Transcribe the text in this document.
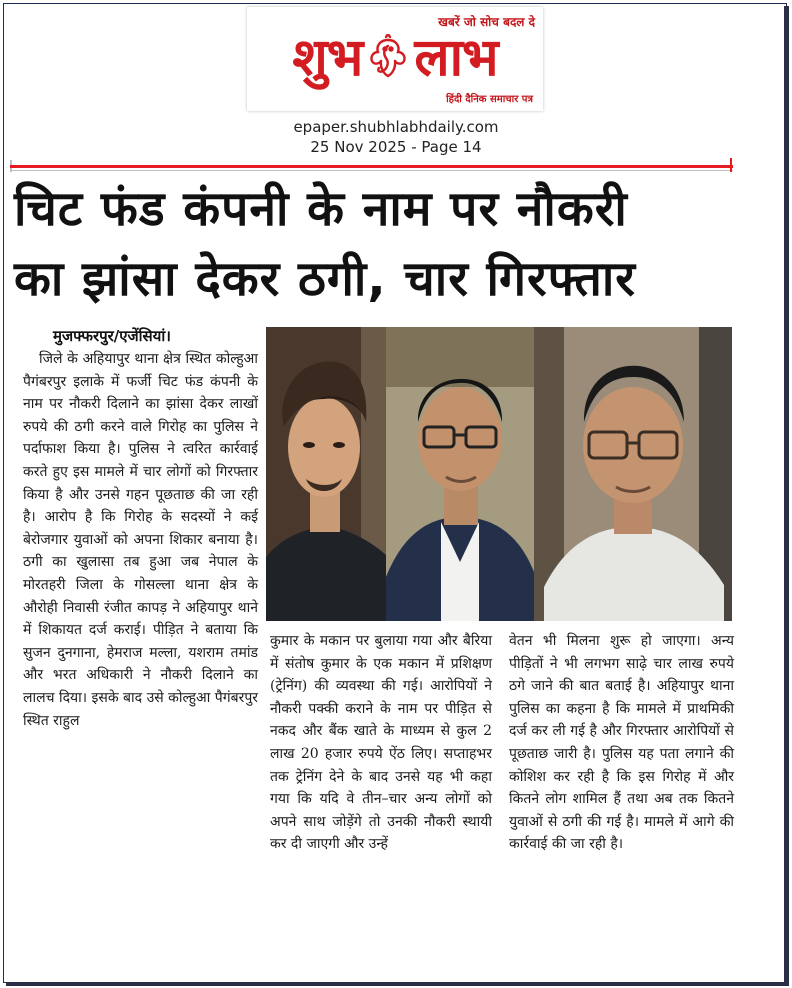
खबरें जो सोच बदल दे
शुभ लाभ
हिंदी दैनिक समाचार पत्र
epaper.shubhlabhdaily.com
25 Nov 2025 - Page 14
चिट फंड कंपनी के नाम पर नौकरी
का झांसा देकर ठगी, चार गिरफ्तार
मुजफ्फरपुर/एजेंसियां।

जिले के अहियापुर थाना क्षेत्र स्थित कोल्हुआ पैगंबरपुर इलाके में फर्जी चिट फंड कंपनी के नाम पर नौकरी दिलाने का झांसा देकर लाखों रुपये की ठगी करने वाले गिरोह का पुलिस ने पर्दाफाश किया है। पुलिस ने त्वरित कार्रवाई करते हुए इस मामले में चार लोगों को गिरफ्तार किया है और उनसे गहन पूछताछ की जा रही है। आरोप है कि गिरोह के सदस्यों ने कई बेरोजगार युवाओं को अपना शिकार बनाया है। ठगी का खुलासा तब हुआ जब नेपाल के मोरतहरी जिला के गोसल्ला थाना क्षेत्र के औरोही निवासी रंजीत कापड़ ने अहियापुर थाने में शिकायत दर्ज कराई। पीड़ित ने बताया कि सुजन दुनगाना, हेमराज मल्ला, यशराम तमांड और भरत अधिकारी ने नौकरी दिलाने का लालच दिया। इसके बाद उसे कोल्हुआ पैगंबरपुर स्थित राहुल

कुमार के मकान पर बुलाया गया और बैरिया में संतोष कुमार के एक मकान में प्रशिक्षण (ट्रेनिंग) की व्यवस्था की गई। आरोपियों ने नौकरी पक्की कराने के नाम पर पीड़ित से नकद और बैंक खाते के माध्यम से कुल 2 लाख 20 हजार रुपये ऐंठ लिए। सप्ताहभर तक ट्रेनिंग देने के बाद उनसे यह भी कहा गया कि यदि वे तीन–चार अन्य लोगों को अपने साथ जोड़ेंगे तो उनकी नौकरी स्थायी कर दी जाएगी और उन्हें

वेतन भी मिलना शुरू हो जाएगा। अन्य पीड़ितों ने भी लगभग साढ़े चार लाख रुपये ठगे जाने की बात बताई है। अहियापुर थाना पुलिस का कहना है कि मामले में प्राथमिकी दर्ज कर ली गई है और गिरफ्तार आरोपियों से पूछताछ जारी है। पुलिस यह पता लगाने की कोशिश कर रही है कि इस गिरोह में और कितने लोग शामिल हैं तथा अब तक कितने युवाओं से ठगी की गई है। मामले में आगे की कार्रवाई की जा रही है।
